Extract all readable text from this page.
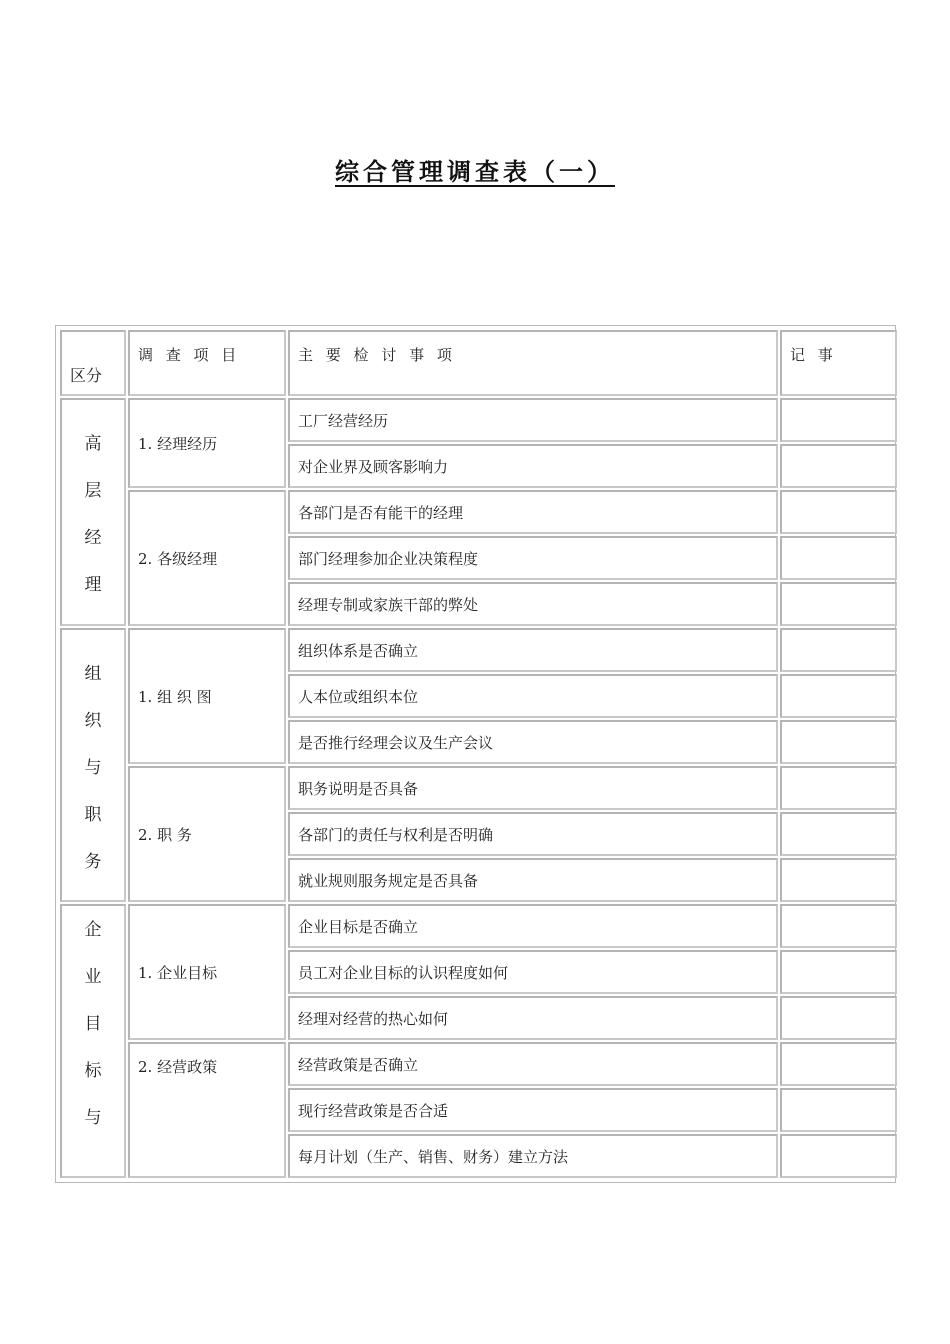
综合管理调查表（一）
区分	调 查 项 目	主 要 检 讨 事 项	记 事

高
层
经
理	1. 经理经历	工厂经营经历	
		对企业界及顾客影响力	
	2. 各级经理	各部门是否有能干的经理	
		部门经理参加企业决策程度	
		经理专制或家族干部的弊处	

组
织
与
职
务	1. 组 织 图	组织体系是否确立	
		人本位或组织本位	
		是否推行经理会议及生产会议	
	2. 职 务	职务说明是否具备	
		各部门的责任与权利是否明确	
		就业规则服务规定是否具备	

企
业
目
标
与	1. 企业目标	企业目标是否确立	
		员工对企业目标的认识程度如何	
		经理对经营的热心如何	
	2. 经营政策	经营政策是否确立	
		现行经营政策是否合适	
		每月计划（生产、销售、财务）建立方法	
